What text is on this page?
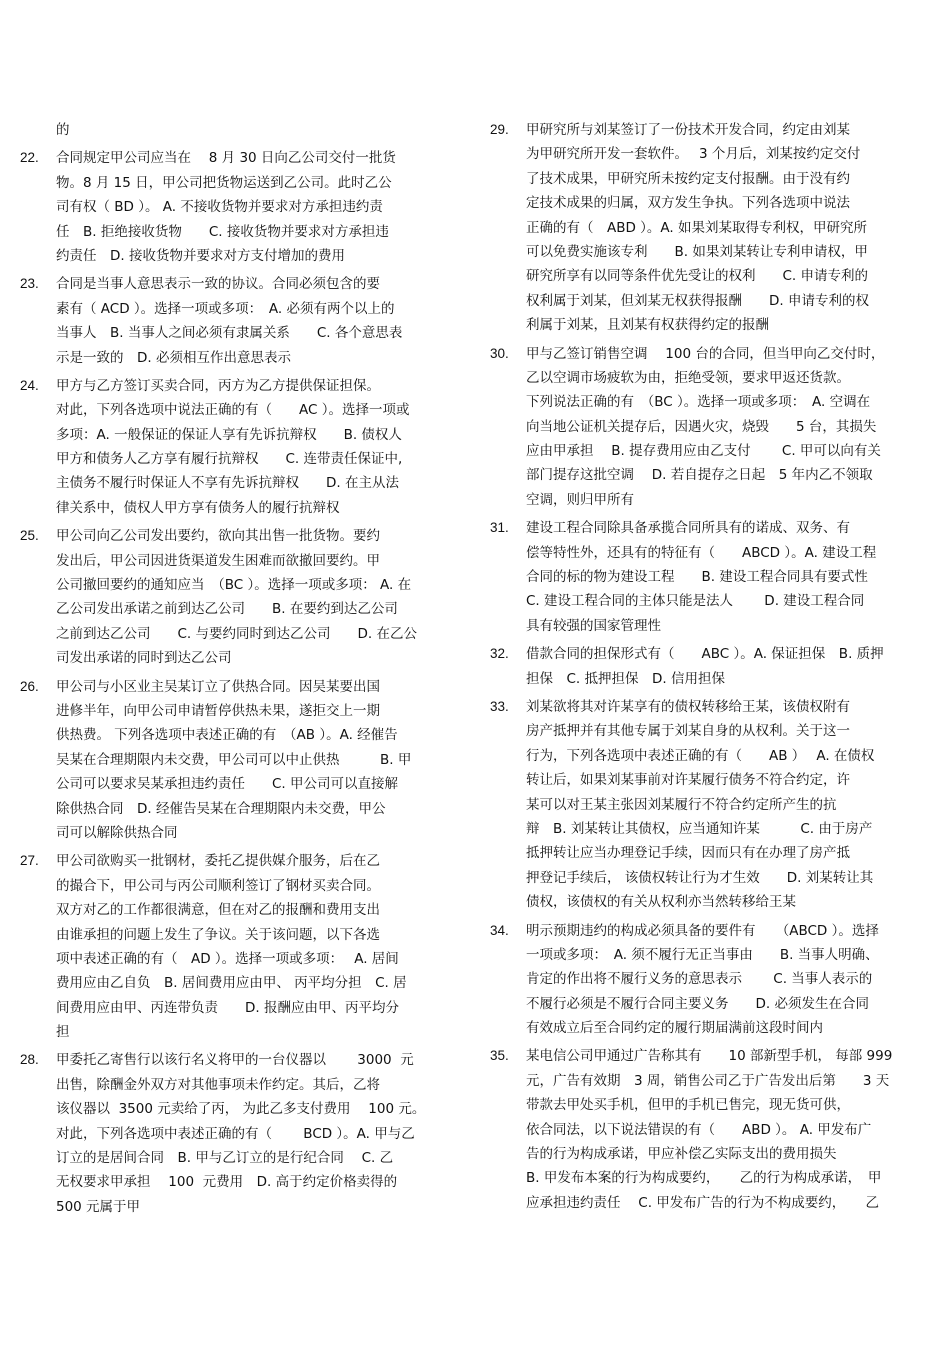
的
22.	合同规定甲公司应当在　 8 月 30 日向乙公司交付一批货
物。8 月 15 日，甲公司把货物运送到乙公司。此时乙公
司有权（ BD ）。 A. 不接收货物并要求对方承担违约责
任　B. 拒绝接收货物　　C. 接收货物并要求对方承担违
约责任　D. 接收货物并要求对方支付增加的费用
23.	合同是当事人意思表示一致的协议。合同必须包含的要
素有（ ACD ）。选择一项或多项：　A. 必须有两个以上的
当事人　B. 当事人之间必须有隶属关系　　C. 各个意思表
示是一致的　D. 必须相互作出意思表示
24.	甲方与乙方签订买卖合同，丙方为乙方提供保证担保。
对此，下列各选项中说法正确的有（　　AC ）。选择一项或
多项：A. 一般保证的保证人享有先诉抗辩权　　B. 债权人
甲方和债务人乙方享有履行抗辩权　　C. 连带责任保证中,
主债务不履行时保证人不享有先诉抗辩权　　D. 在主从法
律关系中，债权人甲方享有债务人的履行抗辩权
25.	甲公司向乙公司发出要约，欲向其出售一批货物。要约
发出后，甲公司因进货渠道发生困难而欲撤回要约。甲
公司撤回要约的通知应当　（BC ）。选择一项或多项： A. 在
乙公司发出承诺之前到达乙公司　　B. 在要约到达乙公司
之前到达乙公司　　C. 与要约同时到达乙公司　　D. 在乙公
司发出承诺的同时到达乙公司
26.	甲公司与小区业主吴某订立了供热合同。因吴某要出国
进修半年，向甲公司申请暂停供热未果，遂拒交上一期
供热费。 下列各选项中表述正确的有　（AB ）。A. 经催告
吴某在合理期限内未交费，甲公司可以中止供热　　　B. 甲
公司可以要求吴某承担违约责任　　C. 甲公司可以直接解
除供热合同　D. 经催告吴某在合理期限内未交费，甲公
司可以解除供热合同
27.	甲公司欲购买一批钢材，委托乙提供媒介服务，后在乙
的撮合下，甲公司与丙公司顺利签订了钢材买卖合同。
双方对乙的工作都很满意，但在对乙的报酬和费用支出
由谁承担的问题上发生了争议。关于该问题，以下各选
项中表述正确的有（　AD ）。选择一项或多项：　 A. 居间
费用应由乙自负　B. 居间费用应由甲、 丙平均分担　C. 居
间费用应由甲、丙连带负责　　D. 报酬应由甲、丙平均分
担
28.	甲委托乙寄售行以该行名义将甲的一台仪器以　　 3000  元
出售，除酬金外双方对其他事项未作约定。其后，乙将
该仪器以  3500 元卖给了丙， 为此乙多支付费用　 100 元。
对此，下列各选项中表述正确的有（　　 BCD ）。A. 甲与乙
订立的是居间合同　B. 甲与乙订立的是行纪合同　 C. 乙
无权要求甲承担　 100  元费用　D. 高于约定价格卖得的
500 元属于甲
29.	甲研究所与刘某签订了一份技术开发合同，约定由刘某
为甲研究所开发一套软件。　 3 个月后，刘某按约定交付
了技术成果，甲研究所未按约定支付报酬。由于没有约
定技术成果的归属，双方发生争执。下列各选项中说法
正确的有（　ABD ）。A. 如果刘某取得专利权，甲研究所
可以免费实施该专利　　B. 如果刘某转让专利申请权，甲
研究所享有以同等条件优先受让的权利　　C. 申请专利的
权利属于刘某，但刘某无权获得报酬　　D. 申请专利的权
利属于刘某，且刘某有权获得约定的报酬
30.	甲与乙签订销售空调　 100 台的合同，但当甲向乙交付时，
乙以空调市场疲软为由，拒绝受领，要求甲返还货款。
下列说法正确的有　（BC ）。选择一项或多项：　A. 空调在
向当地公证机关提存后，因遇火灾，烧毁　　5 台，其损失
应由甲承担　 B. 提存费用应由乙支付　　 C. 甲可以向有关
部门提存这批空调　 D. 若自提存之日起　5 年内乙不领取
空调，则归甲所有
31.	建设工程合同除具备承揽合同所具有的诺成、双务、有
偿等特性外，还具有的特征有（　　ABCD ）。A. 建设工程
合同的标的物为建设工程　　B. 建设工程合同具有要式性
C. 建设工程合同的主体只能是法人　　 D. 建设工程合同
具有较强的国家管理性
32.	借款合同的担保形式有（　　ABC ）。A. 保证担保　B. 质押
担保　C. 抵押担保　D. 信用担保
33.	刘某欲将其对许某享有的债权转移给王某，该债权附有
房产抵押并有其他专属于刘某自身的从权利。关于这一
行为，下列各选项中表述正确的有（　　AB ）　 A. 在债权
转让后，如果刘某事前对许某履行债务不符合约定，许
某可以对王某主张因刘某履行不符合约定所产生的抗
辩　B. 刘某转让其债权，应当通知许某　　　C. 由于房产
抵押转让应当办理登记手续，因而只有在办理了房产抵
押登记手续后， 该债权转让行为才生效　　D. 刘某转让其
债权，该债权的有关从权利亦当然转移给王某
34.	明示预期违约的构成必须具备的要件有　　（ABCD ）。选择
一项或多项：　A. 须不履行无正当事由　　B. 当事人明确、
肯定的作出将不履行义务的意思表示　　 C. 当事人表示的
不履行必须是不履行合同主要义务　　D. 必须发生在合同
有效成立后至合同约定的履行期届满前这段时间内
35.	某电信公司甲通过广告称其有　　10 部新型手机， 每部 999
元，广告有效期　3 周，销售公司乙于广告发出后第　　3 天
带款去甲处买手机，但甲的手机已售完，现无货可供，
依合同法，以下说法错误的有（　　ABD ）。 A. 甲发布广
告的行为构成承诺，甲应补偿乙实际支出的费用损失
B. 甲发布本案的行为构成要约，　　乙的行为构成承诺，　甲
应承担违约责任　 C. 甲发布广告的行为不构成要约，　　乙
